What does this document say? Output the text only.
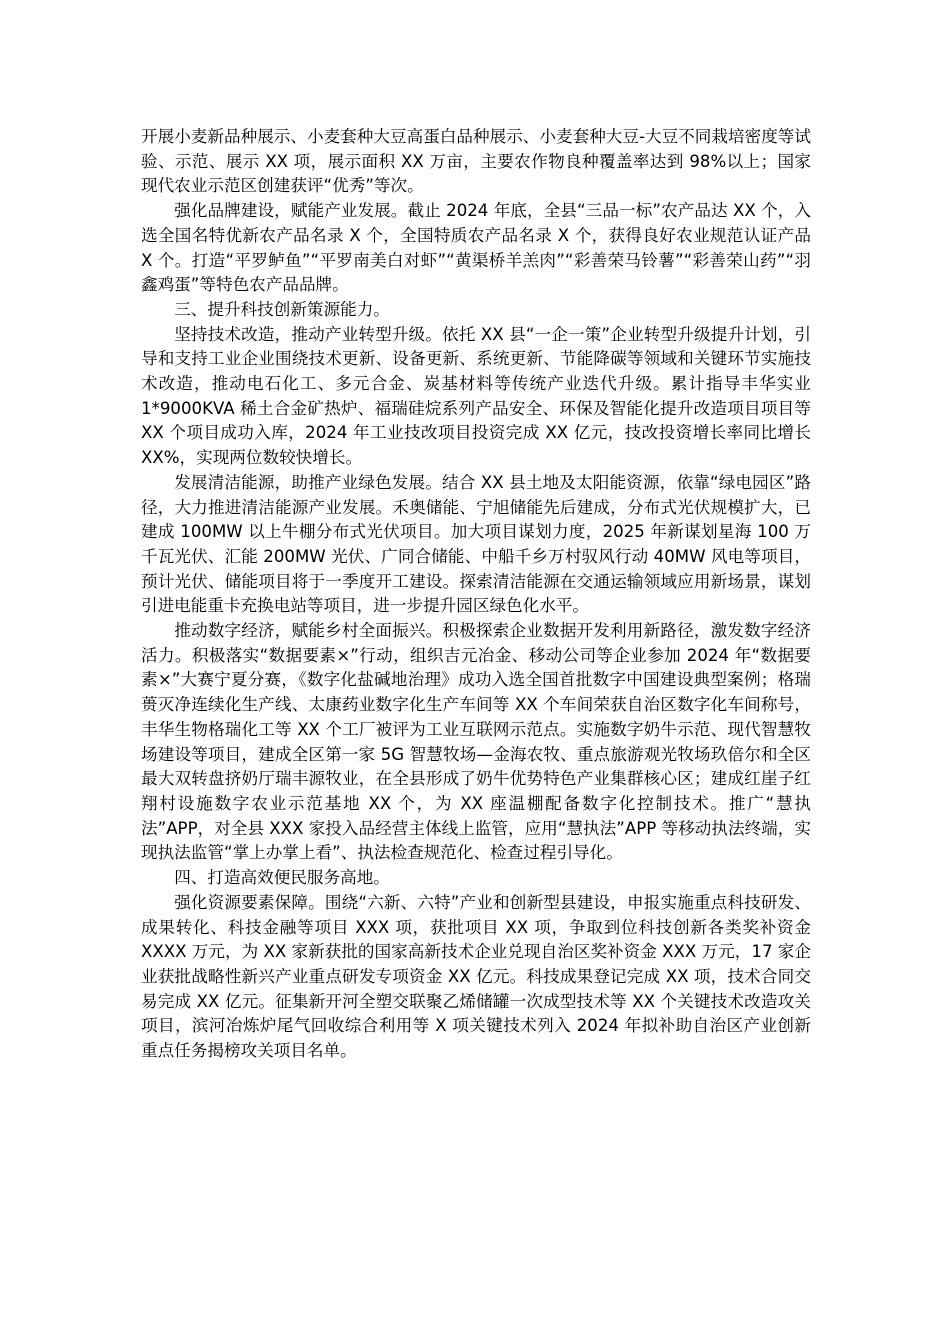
开展小麦新品种展示、小麦套种大豆高蛋白品种展示、小麦套种大豆-大豆不同栽培密度等试验、示范、展示 XX 项，展示面积 XX 万亩，主要农作物良种覆盖率达到 98%以上；国家现代农业示范区创建获评“优秀”等次。

强化品牌建设，赋能产业发展。截止 2024 年底，全县“三品一标”农产品达 XX 个，入选全国名特优新农产品名录 X 个，全国特质农产品名录 X 个，获得良好农业规范认证产品 X 个。打造“平罗鲈鱼”“平罗南美白对虾”“黄渠桥羊羔肉”“彩善荣马铃薯”“彩善荣山药”“羽鑫鸡蛋”等特色农产品品牌。

三、提升科技创新策源能力。

坚持技术改造，推动产业转型升级。依托 XX 县“一企一策”企业转型升级提升计划，引导和支持工业企业围绕技术更新、设备更新、系统更新、节能降碳等领域和关键环节实施技术改造，推动电石化工、多元合金、炭基材料等传统产业迭代升级。累计指导丰华实业 1*9000KVA 稀土合金矿热炉、福瑞硅烷系列产品安全、环保及智能化提升改造项目项目等 XX 个项目成功入库，2024 年工业技改项目投资完成 XX 亿元，技改投资增长率同比增长 XX%，实现两位数较快增长。

发展清洁能源，助推产业绿色发展。结合 XX 县土地及太阳能资源，依靠“绿电园区”路径，大力推进清洁能源产业发展。禾奥储能、宁旭储能先后建成，分布式光伏规模扩大，已建成 100MW 以上牛棚分布式光伏项目。加大项目谋划力度，2025 年新谋划星海 100 万千瓦光伏、汇能 200MW 光伏、广同合储能、中船千乡万村驭风行动 40MW 风电等项目，预计光伏、储能项目将于一季度开工建设。探索清洁能源在交通运输领域应用新场景，谋划引进电能重卡充换电站等项目，进一步提升园区绿色化水平。

推动数字经济，赋能乡村全面振兴。积极探索企业数据开发利用新路径，激发数字经济活力。积极落实“数据要素×”行动，组织吉元冶金、移动公司等企业参加 2024 年“数据要素×”大赛宁夏分赛，《数字化盐碱地治理》成功入选全国首批数字中国建设典型案例；格瑞蒉灭净连续化生产线、太康药业数字化生产车间等 XX 个车间荣获自治区数字化车间称号，丰华生物格瑞化工等 XX 个工厂被评为工业互联网示范点。实施数字奶牛示范、现代智慧牧场建设等项目，建成全区第一家 5G 智慧牧场—金海农牧、重点旅游观光牧场玖倍尔和全区最大双转盘挤奶厅瑞丰源牧业，在全县形成了奶牛优势特色产业集群核心区；建成红崖子红翔村设施数字农业示范基地 XX 个，为 XX 座温棚配备数字化控制技术。推广“慧执法”APP，对全县 XXX 家投入品经营主体线上监管，应用“慧执法”APP 等移动执法终端，实现执法监管“掌上办掌上看”、执法检查规范化、检查过程引导化。

四、打造高效便民服务高地。

强化资源要素保障。围绕“六新、六特”产业和创新型县建设，申报实施重点科技研发、成果转化、科技金融等项目 XXX 项，获批项目 XX 项，争取到位科技创新各类奖补资金 XXXX 万元，为 XX 家新获批的国家高新技术企业兑现自治区奖补资金 XXX 万元，17 家企业获批战略性新兴产业重点研发专项资金 XX 亿元。科技成果登记完成 XX 项，技术合同交易完成 XX 亿元。征集新开河全塑交联聚乙烯储罐一次成型技术等 XX 个关键技术改造攻关项目，滨河冶炼炉尾气回收综合利用等 X 项关键技术列入 2024 年拟补助自治区产业创新重点任务揭榜攻关项目名单。
